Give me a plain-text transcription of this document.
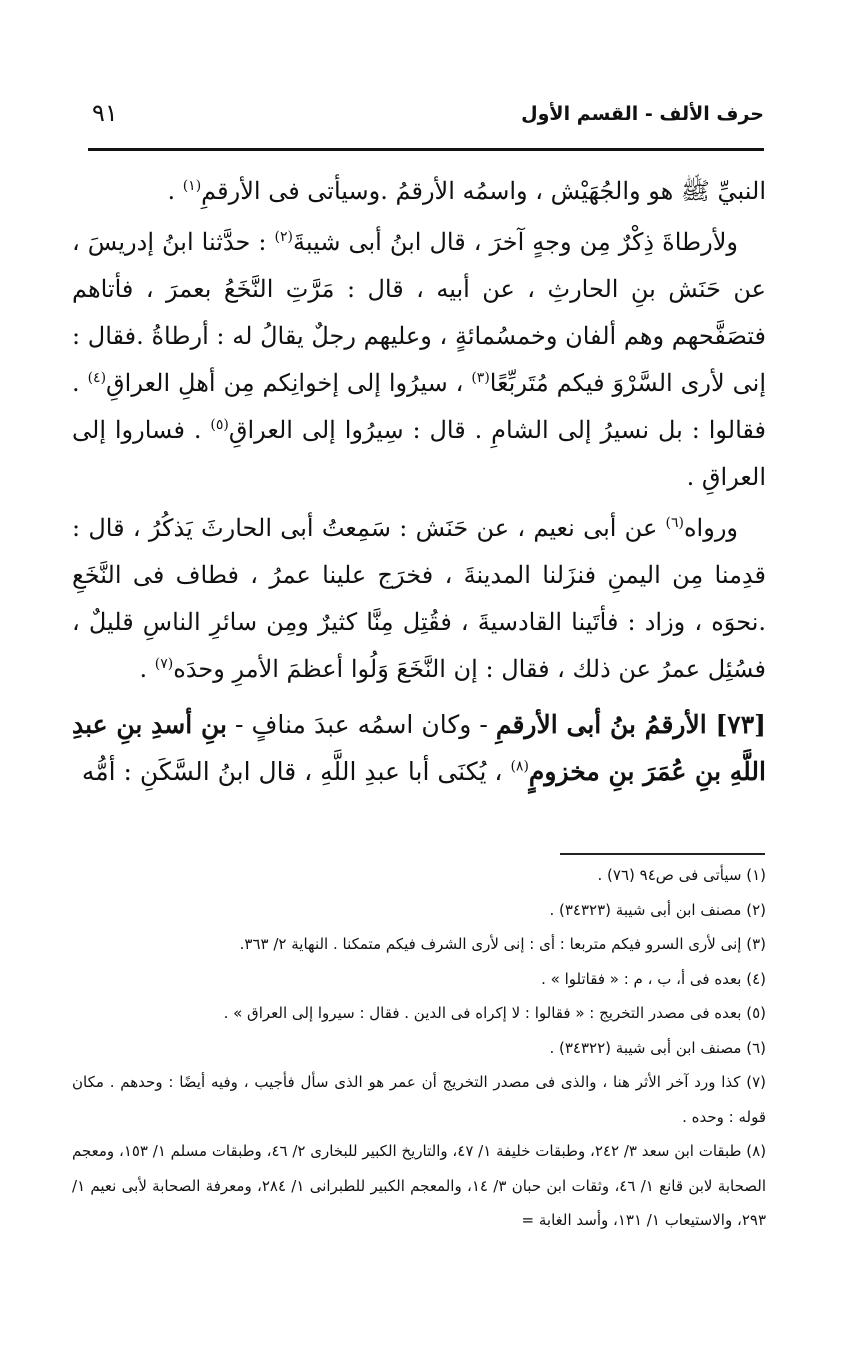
حرف الألف - القسم الأول
٩١

النبيِّ ﷺ هو والجُهَيْش ، واسمُه الأرقمُ .وسيأتى فى الأرقمِ$^{(١)}$ .

ولأرطاةَ ذِكْرٌ مِن وجهٍ آخرَ ، قال ابنُ أبى شيبةَ$^{(٢)}$ : حدَّثنا ابنُ إدريسَ ، عن حَنَش بنِ الحارثِ ، عن أبيه ، قال : مَرَّتِ النَّخَعُ بعمرَ ، فأتاهم فتصَفَّحهم وهم ألفان وخمسُمائةٍ ، وعليهم رجلٌ يقالُ له : أرطاةُ .فقال : إنى لأرى السَّرْوَ فيكم مُتَربِّعًا$^{(٣)}$ ، سيرُوا إلى إخوانِكم مِن أهلِ العراقِ$^{(٤)}$ . فقالوا : بل نسيرُ إلى الشامِ . قال : سِيرُوا إلى العراقِ$^{(٥)}$ . فساروا إلى العراقِ .

ورواه$^{(٦)}$ عن أبى نعيم ، عن حَنَش : سَمِعتُ أبى الحارثَ يَذكُرُ ، قال : قدِمنا مِن اليمنِ فنزَلنا المدينةَ ، فخرَج علينا عمرُ ، فطاف فى النَّخَعِ .نحوَه ، وزاد : فأتَينا القادسيةَ ، فقُتِل مِنَّا كثيرٌ ومِن سائرِ الناسِ قليلٌ ، فسُئِل عمرُ عن ذلك ، فقال : إن النَّخَعَ وَلُوا أعظمَ الأمرِ وحدَه$^{(٧)}$ .

[٧٣] الأرقمُ بنُ أبى الأرقمِ - وكان اسمُه عبدَ منافٍ - بنِ أسدِ بنِ عبدِ اللَّهِ بنِ عُمَرَ بنِ مخزومٍ$^{(٨)}$ ، يُكنَى أبا عبدِ اللَّهِ ، قال ابنُ السَّكَنِ : أمُّه

(١) سيأتى فى ص٩٤ (٧٦) .

(٢) مصنف ابن أبى شيبة (٣٤٣٢٣) .

(٣) إنى لأرى السرو فيكم متربعا : أى : إنى لأرى الشرف فيكم متمكنا . النهاية ٢/ ٣٦٣.

(٤) بعده فى أ، ب ، م : « فقاتلوا » .

(٥) بعده فى مصدر التخريج : « فقالوا : لا إكراه فى الدين . فقال : سيروا إلى العراق » .

(٦) مصنف ابن أبى شيبة (٣٤٣٢٢) .

(٧) كذا ورد آخر الأثر هنا ، والذى فى مصدر التخريج أن عمر هو الذى سأل فأجيب ، وفيه أيضًا : وحدهم . مكان قوله : وحده .

(٨) طبقات ابن سعد ٣/ ٢٤٢، وطبقات خليفة ١/ ٤٧، والتاريخ الكبير للبخارى ٢/ ٤٦، وطبقات مسلم ١/ ١٥٣، ومعجم الصحابة لابن قانع ١/ ٤٦، وثقات ابن حبان ٣/ ١٤، والمعجم الكبير للطبرانى ١/ ٢٨٤، ومعرفة الصحابة لأبى نعيم ١/ ٢٩٣، والاستيعاب ١/ ١٣١، وأسد الغابة =
